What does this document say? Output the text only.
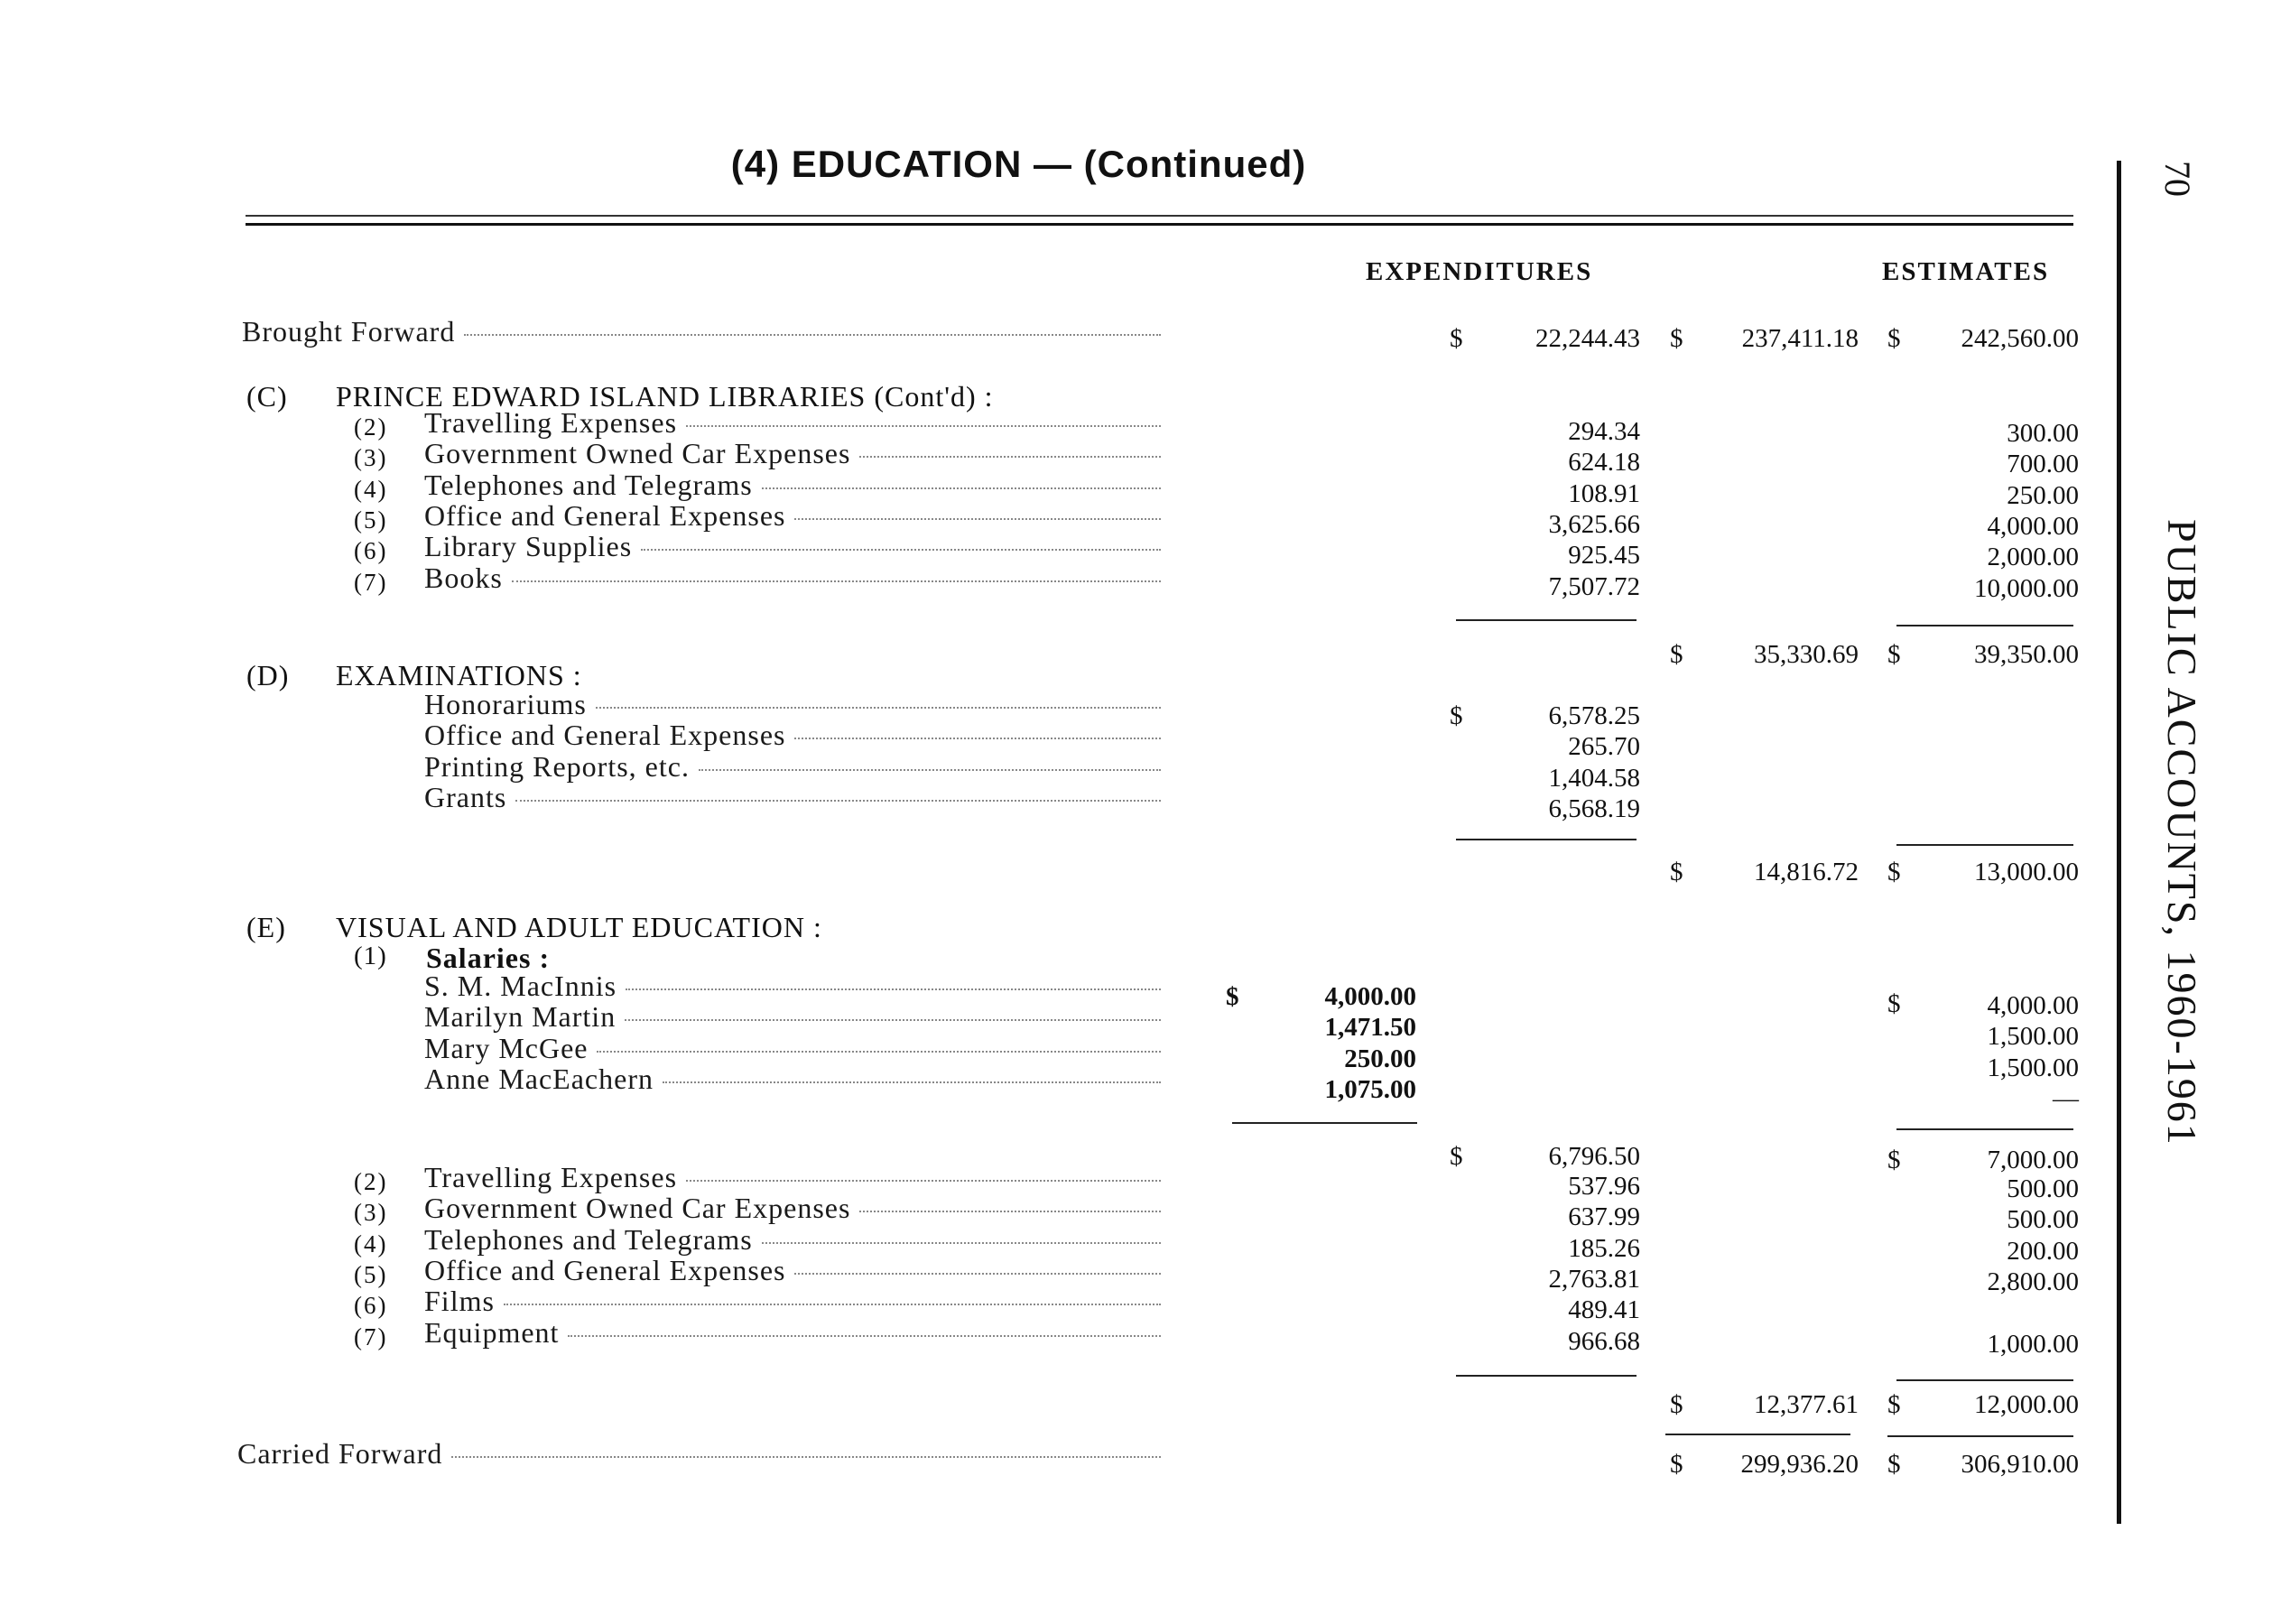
(4) EDUCATION — (Continued)
EXPENDITURES	ESTIMATES
70
PUBLIC ACCOUNTS, 1960-1961
Brought Forward	$	22,244.43 $ 237,411.18 $ 242,560.00
(C) PRINCE EDWARD ISLAND LIBRARIES (Cont'd) :
(2) Travelling Expenses	294.34	300.00
(3) Government Owned Car Expenses	624.18	700.00
(4) Telephones and Telegrams	108.91	250.00
(5) Office and General Expenses	3,625.66	4,000.00
(6) Library Supplies	925.45	2,000.00
(7) Books	7,507.72	10,000.00
$	35,330.69 $	39,350.00
(D) EXAMINATIONS :
Honorariums	6,578.25
Office and General Expenses	265.70
Printing Reports, etc.	1,404.58
Grants	6,568.19
$
$	14,816.72 $	13,000.00
(E) VISUAL AND ADULT EDUCATION :
(1) Salaries :
S. M. MacInnis	4,000.00	4,000.00
Marilyn Martin	1,471.50	1,500.00
Mary McGee	250.00	1,500.00
Anne MacEachern	1,075.00	—
$	$
$	6,796.50	$	7,000.00
(2) Travelling Expenses	537.96	500.00
(3) Government Owned Car Expenses	637.99	500.00
(4) Telephones and Telegrams	185.26	200.00
(5) Office and General Expenses	2,763.81	2,800.00
(6) Films	489.41
(7) Equipment	966.68	1,000.00
$	12,377.61 $	12,000.00
Carried Forward	$ 299,936.20 $ 306,910.00
